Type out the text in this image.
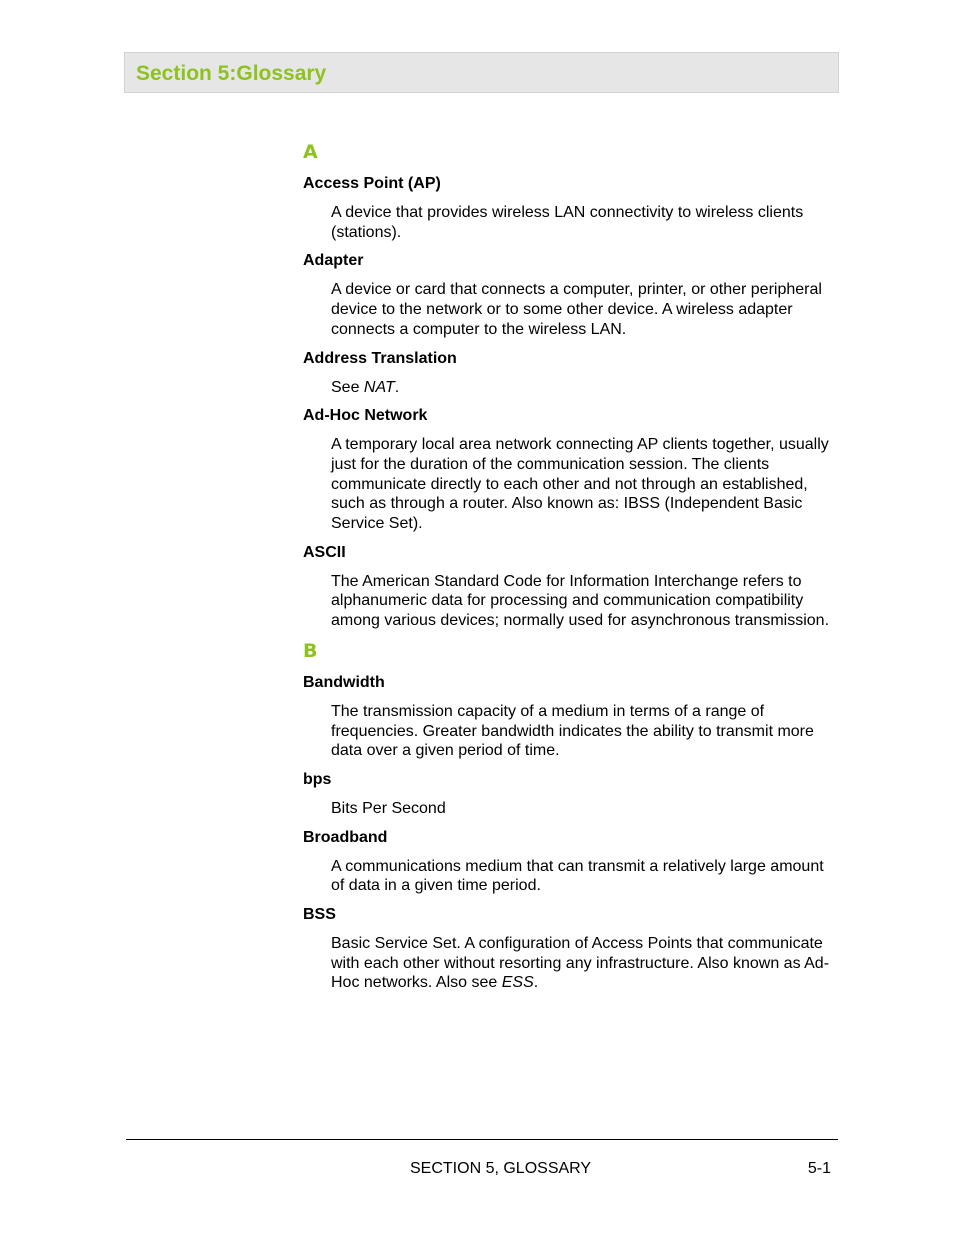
Section 5:Glossary
A
Access Point (AP)
A device that provides wireless LAN connectivity to wireless clients (stations).
Adapter
A device or card that connects a computer, printer, or other peripheral device to the network or to some other device. A wireless adapter connects a computer to the wireless LAN.
Address Translation
See NAT.
Ad-Hoc Network
A temporary local area network connecting AP clients together, usually just for the duration of the communication session. The clients communicate directly to each other and not through an established, such as through a router. Also known as: IBSS (Independent Basic Service Set).
ASCII
The American Standard Code for Information Interchange refers to alphanumeric data for processing and communication compatibility among various devices; normally used for asynchronous transmission.
B
Bandwidth
The transmission capacity of a medium in terms of a range of frequencies. Greater bandwidth indicates the ability to transmit more data over a given period of time.
bps
Bits Per Second
Broadband
A communications medium that can transmit a relatively large amount of data in a given time period.
BSS
Basic Service Set. A configuration of Access Points that communicate with each other without resorting any infrastructure. Also known as Ad-Hoc networks. Also see ESS.
SECTION 5, GLOSSARY	5-1
